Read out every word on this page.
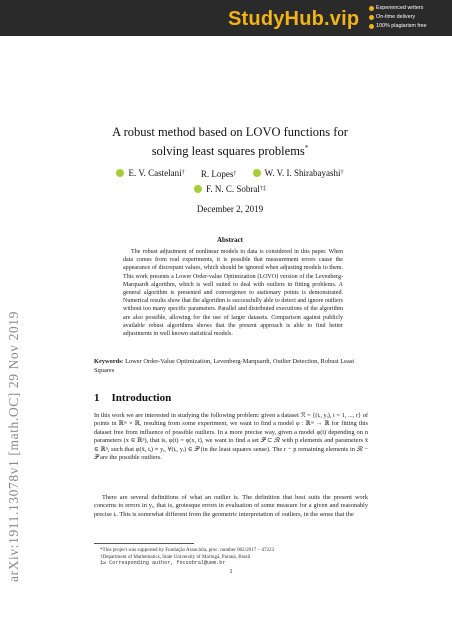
StudyHub.vip	Experienced writers
On-time delivery
100% plagiarism free
arXiv:1911.13078v1 [math.OC] 29 Nov 2019
A robust method based on LOVO functions for
solving least squares problems*
E. V. Castelani †
R. Lopes †
	W. V. I. Shirabayashi †
F. N. C. Sobral †‡
December 2, 2019
Abstract
The robust adjustment of nonlinear models to data is considered in this paper. When data comes from real experiments, it is possible that measurement errors cause the appearance of discrepant values, which should be ignored when adjusting models to them. This work presents a Lower Order-value Optimization (LOVO) version of the Levenberg-Marquardt algorithm, which is well suited to deal with outliers in fitting problems. A general algorithm is presented and convergence to stationary points is demonstrated. Numerical results show that the algorithm is successfully able to detect and ignore outliers without too many specific parameters. Parallel and distributed executions of the algorithm are also possible, allowing for the use of larger datasets. Comparison against publicly available robust algorithms shows that the present approach is able to find better adjustments in well known statistical models.
Keywords: Lower Order-Value Optimization, Levenberg-Marquardt, Outlier Detection, Robust Least Squares
1 Introduction
In this work we are interested in studying the following problem: given a dataset ℛ = {(tᵢ, yᵢ), i = 1, ..., r} of points in ℝᵐ × ℝ, resulting from some experiment, we want to find a model φ : ℝᵐ → ℝ for fitting this dataset free from influence of possible outliers. In a more precise way, given a model φ(t) depending on n parameters (x ∈ ℝⁿ), that is, φ(t) = φ(x, t), we want to find a set 𝒫 ⊂ ℛ with p elements and parameters x̄ ∈ ℝⁿ, such that φ(x̄, tᵢ) ≈ yᵢ, ∀(tᵢ, yᵢ) ∈ 𝒫 (in the least squares sense). The r − p remaining elements in ℛ − 𝒫 are the possible outliers.
There are several definitions of what an outlier is. The definition that best suits the present work concerns to errors in yᵢ, that is, grotesque errors in evaluation of some measure for a given and reasonably precise tᵢ. This is somewhat different from the geometric interpretation of outliers, in the sense that the
*This project was supported by Fundação Araucária, proc. number 002/2017 – 47223
†Department of Mathematics, State University of Maringá, Paraná, Brasil
‡✉ Corresponding author, fncsobral@uem.br
1
